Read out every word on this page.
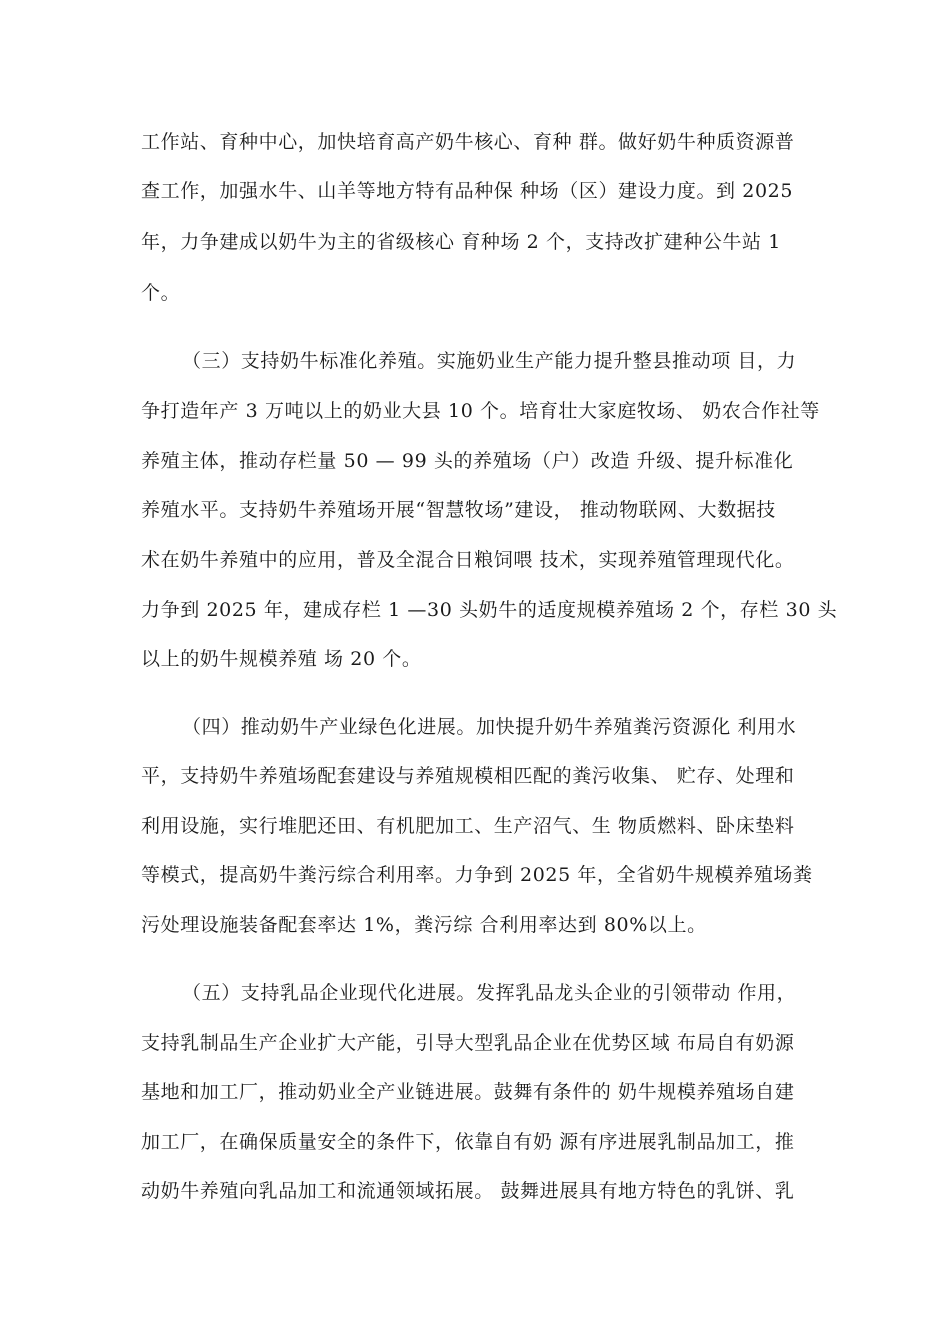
工作站、育种中心，加快培育高产奶牛核心、育种 群。做好奶牛种质资源普
查工作，加强水牛、山羊等地方特有品种保 种场（区）建设力度。到 2025
年，力争建成以奶牛为主的省级核心 育种场 2 个，支持改扩建种公牛站 1
个。
（三）支持奶牛标准化养殖。实施奶业生产能力提升整县推动项 目，力
争打造年产 3 万吨以上的奶业大县 10 个。培育壮大家庭牧场、 奶农合作社等
养殖主体，推动存栏量 50 — 99 头的养殖场（户）改造 升级、提升标准化
养殖水平。支持奶牛养殖场开展“智慧牧场”建设， 推动物联网、大数据技
术在奶牛养殖中的应用，普及全混合日粮饲喂 技术，实现养殖管理现代化。
力争到 2025 年，建成存栏 1 —30 头奶牛的适度规模养殖场 2 个，存栏 30 头
以上的奶牛规模养殖 场 20 个。
（四）推动奶牛产业绿色化进展。加快提升奶牛养殖粪污资源化 利用水
平，支持奶牛养殖场配套建设与养殖规模相匹配的粪污收集、 贮存、处理和
利用设施，实行堆肥还田、有机肥加工、生产沼气、生 物质燃料、卧床垫料
等模式，提高奶牛粪污综合利用率。力争到 2025 年，全省奶牛规模养殖场粪
污处理设施装备配套率达 1%，粪污综 合利用率达到 80%以上。
（五）支持乳品企业现代化进展。发挥乳品龙头企业的引领带动 作用，
支持乳制品生产企业扩大产能，引导大型乳品企业在优势区域 布局自有奶源
基地和加工厂，推动奶业全产业链进展。鼓舞有条件的 奶牛规模养殖场自建
加工厂，在确保质量安全的条件下，依靠自有奶 源有序进展乳制品加工，推
动奶牛养殖向乳品加工和流通领域拓展。 鼓舞进展具有地方特色的乳饼、乳
